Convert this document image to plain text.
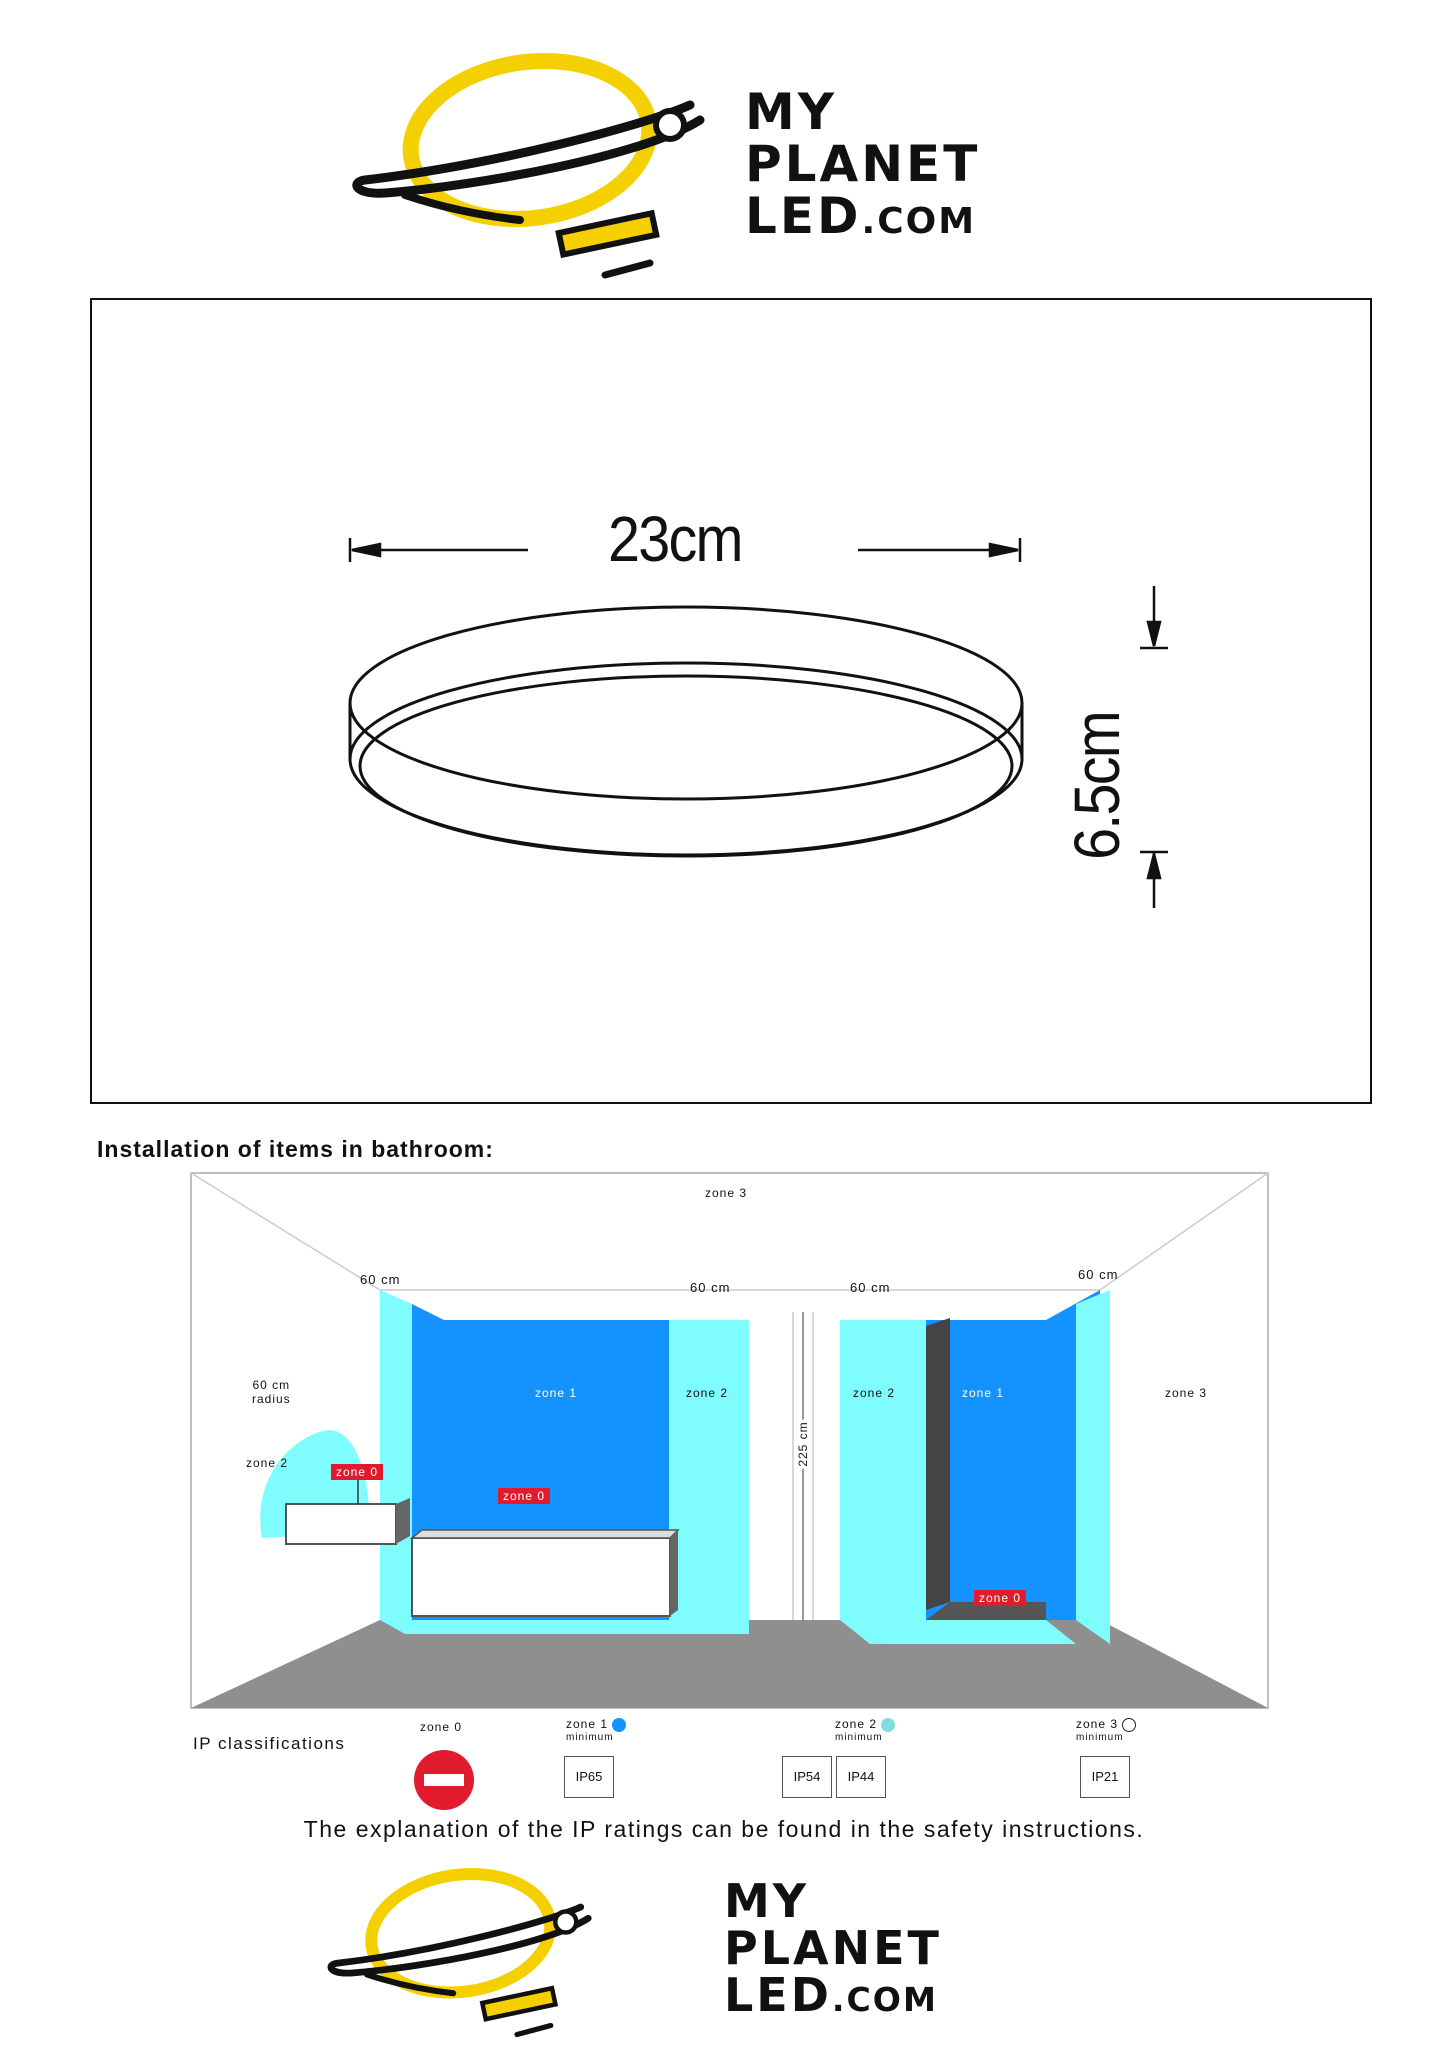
MY
PLANET
LED.COM
23cm
6.5cm
Installation of items in bathroom:
zone 3
60 cm
60 cm	60 cm
60 cm
60 cm
radius
zone 2
zone 0
zone 1
zone 0
zone 2
225 cm
zone 2	zone 1
zone 0
zone 3
IP classifications
zone 0	zone 1
minimum
IP65
zone 2
minimum
IP54	IP44
zone 3
minimum
IP21
The explanation of the IP ratings can be found in the safety instructions.
MY
PLANET
LED.COM
